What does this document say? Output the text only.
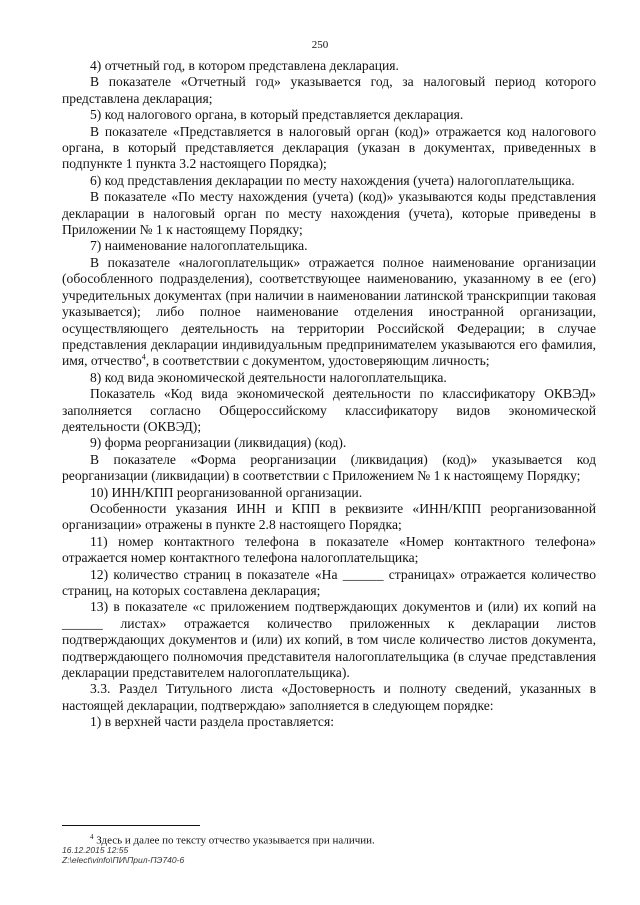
250

4) отчетный год, в котором представлена декларация.

В показателе «Отчетный год» указывается год, за налоговый период которого представлена декларация;

5) код налогового органа, в который представляется декларация.

В показателе «Представляется в налоговый орган (код)» отражается код налогового органа, в который представляется декларация (указан в документах, приведенных в подпункте 1 пункта 3.2 настоящего Порядка);

6) код представления декларации по месту нахождения (учета) налогоплательщика.

В показателе «По месту нахождения (учета) (код)» указываются коды представления декларации в налоговый орган по месту нахождения (учета), которые приведены в Приложении № 1 к настоящему Порядку;

7) наименование налогоплательщика.

В показателе «налогоплательщик» отражается полное наименование организации (обособленного подразделения), соответствующее наименованию, указанному в ее (его) учредительных документах (при наличии в наименовании латинской транскрипции таковая указывается); либо полное наименование отделения иностранной организации, осуществляющего деятельность на территории Российской Федерации; в случае представления декларации индивидуальным предпринимателем указываются его фамилия, имя, отчество$^4$, в соответствии с документом, удостоверяющим личность;

8) код вида экономической деятельности налогоплательщика.

Показатель «Код вида экономической деятельности по классификатору ОКВЭД» заполняется согласно Общероссийскому классификатору видов экономической деятельности (ОКВЭД);

9) форма реорганизации (ликвидация) (код).

В показателе «Форма реорганизации (ликвидация) (код)» указывается код реорганизации (ликвидации) в соответствии с Приложением № 1 к настоящему Порядку;

10) ИНН/КПП реорганизованной организации.

Особенности указания ИНН и КПП в реквизите «ИНН/КПП реорганизованной организации» отражены в пункте 2.8 настоящего Порядка;

11) номер контактного телефона в показателе «Номер контактного телефона» отражается номер контактного телефона налогоплательщика;

12) количество страниц в показателе «На ______ страницах» отражается количество страниц, на которых составлена декларация;

13) в показателе «с приложением подтверждающих документов и (или) их копий на ______ листах» отражается количество приложенных к декларации листов подтверждающих документов и (или) их копий, в том числе количество листов документа, подтверждающего полномочия представителя налогоплательщика (в случае представления декларации представителем налогоплательщика).

3.3. Раздел Титульного листа «Достоверность и полноту сведений, указанных в настоящей декларации, подтверждаю» заполняется в следующем порядке:

1) в верхней части раздела проставляется:

$^4$ Здесь и далее по тексту отчество указывается при наличии.
16.12.2015 12:55
Z:\elect\vinfo\ПИ\Прил-ПЭ740-6
